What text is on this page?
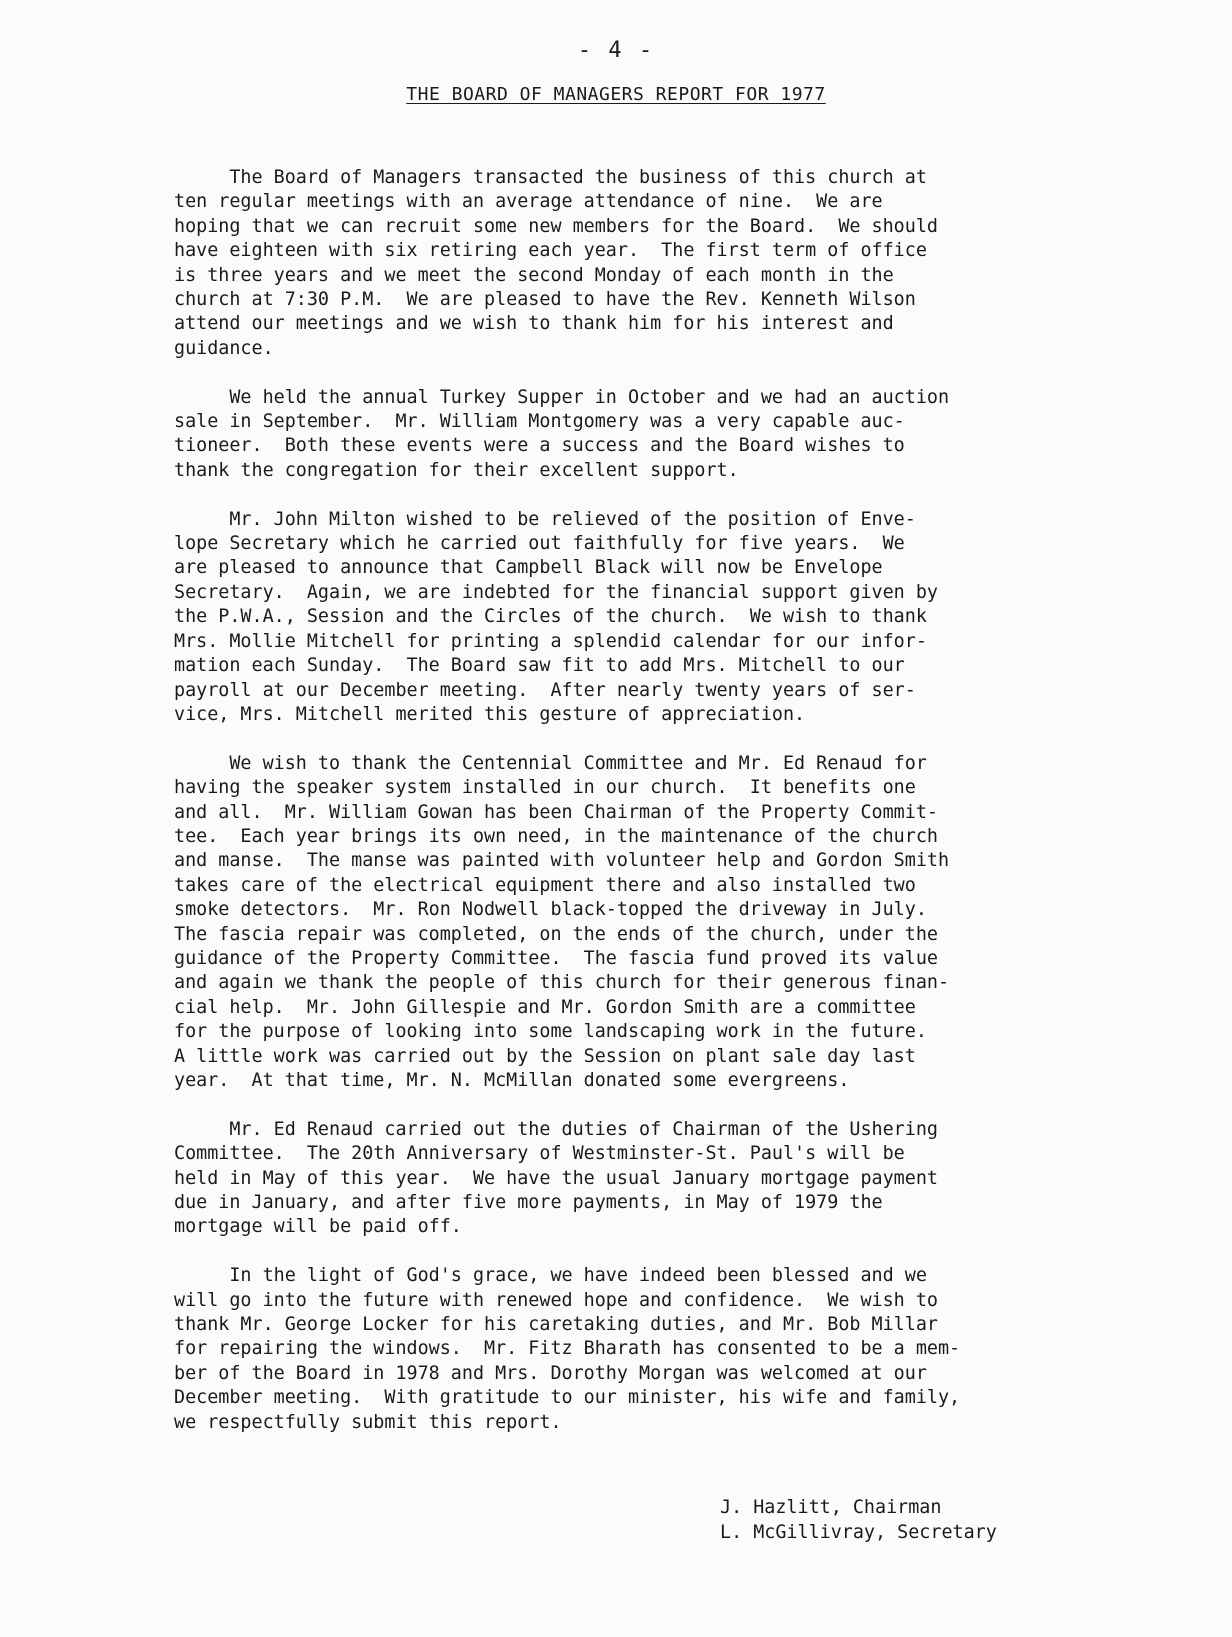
- 4 -
THE BOARD OF MANAGERS REPORT FOR 1977

The Board of Managers transacted the business of this church at
ten regular meetings with an average attendance of nine.  We are
hoping that we can recruit some new members for the Board.  We should
have eighteen with six retiring each year.  The first term of office
is three years and we meet the second Monday of each month in the
church at 7:30 P.M.  We are pleased to have the Rev. Kenneth Wilson
attend our meetings and we wish to thank him for his interest and
guidance.

We held the annual Turkey Supper in October and we had an auction
sale in September.  Mr. William Montgomery was a very capable auc-
tioneer.  Both these events were a success and the Board wishes to
thank the congregation for their excellent support.

Mr. John Milton wished to be relieved of the position of Enve-
lope Secretary which he carried out faithfully for five years.  We
are pleased to announce that Campbell Black will now be Envelope
Secretary.  Again, we are indebted for the financial support given by
the P.W.A., Session and the Circles of the church.  We wish to thank
Mrs. Mollie Mitchell for printing a splendid calendar for our infor-
mation each Sunday.  The Board saw fit to add Mrs. Mitchell to our
payroll at our December meeting.  After nearly twenty years of ser-
vice, Mrs. Mitchell merited this gesture of appreciation.

We wish to thank the Centennial Committee and Mr. Ed Renaud for
having the speaker system installed in our church.  It benefits one
and all.  Mr. William Gowan has been Chairman of the Property Commit-
tee.  Each year brings its own need, in the maintenance of the church
and manse.  The manse was painted with volunteer help and Gordon Smith
takes care of the electrical equipment there and also installed two
smoke detectors.  Mr. Ron Nodwell black-topped the driveway in July.
The fascia repair was completed, on the ends of the church, under the
guidance of the Property Committee.  The fascia fund proved its value
and again we thank the people of this church for their generous finan-
cial help.  Mr. John Gillespie and Mr. Gordon Smith are a committee
for the purpose of looking into some landscaping work in the future.
A little work was carried out by the Session on plant sale day last
year.  At that time, Mr. N. McMillan donated some evergreens.

Mr. Ed Renaud carried out the duties of Chairman of the Ushering
Committee.  The 20th Anniversary of Westminster-St. Paul's will be
held in May of this year.  We have the usual January mortgage payment
due in January, and after five more payments, in May of 1979 the
mortgage will be paid off.

In the light of God's grace, we have indeed been blessed and we
will go into the future with renewed hope and confidence.  We wish to
thank Mr. George Locker for his caretaking duties, and Mr. Bob Millar
for repairing the windows.  Mr. Fitz Bharath has consented to be a mem-
ber of the Board in 1978 and Mrs. Dorothy Morgan was welcomed at our
December meeting.  With gratitude to our minister, his wife and family,
we respectfully submit this report.

J. Hazlitt, Chairman
L. McGillivray, Secretary
